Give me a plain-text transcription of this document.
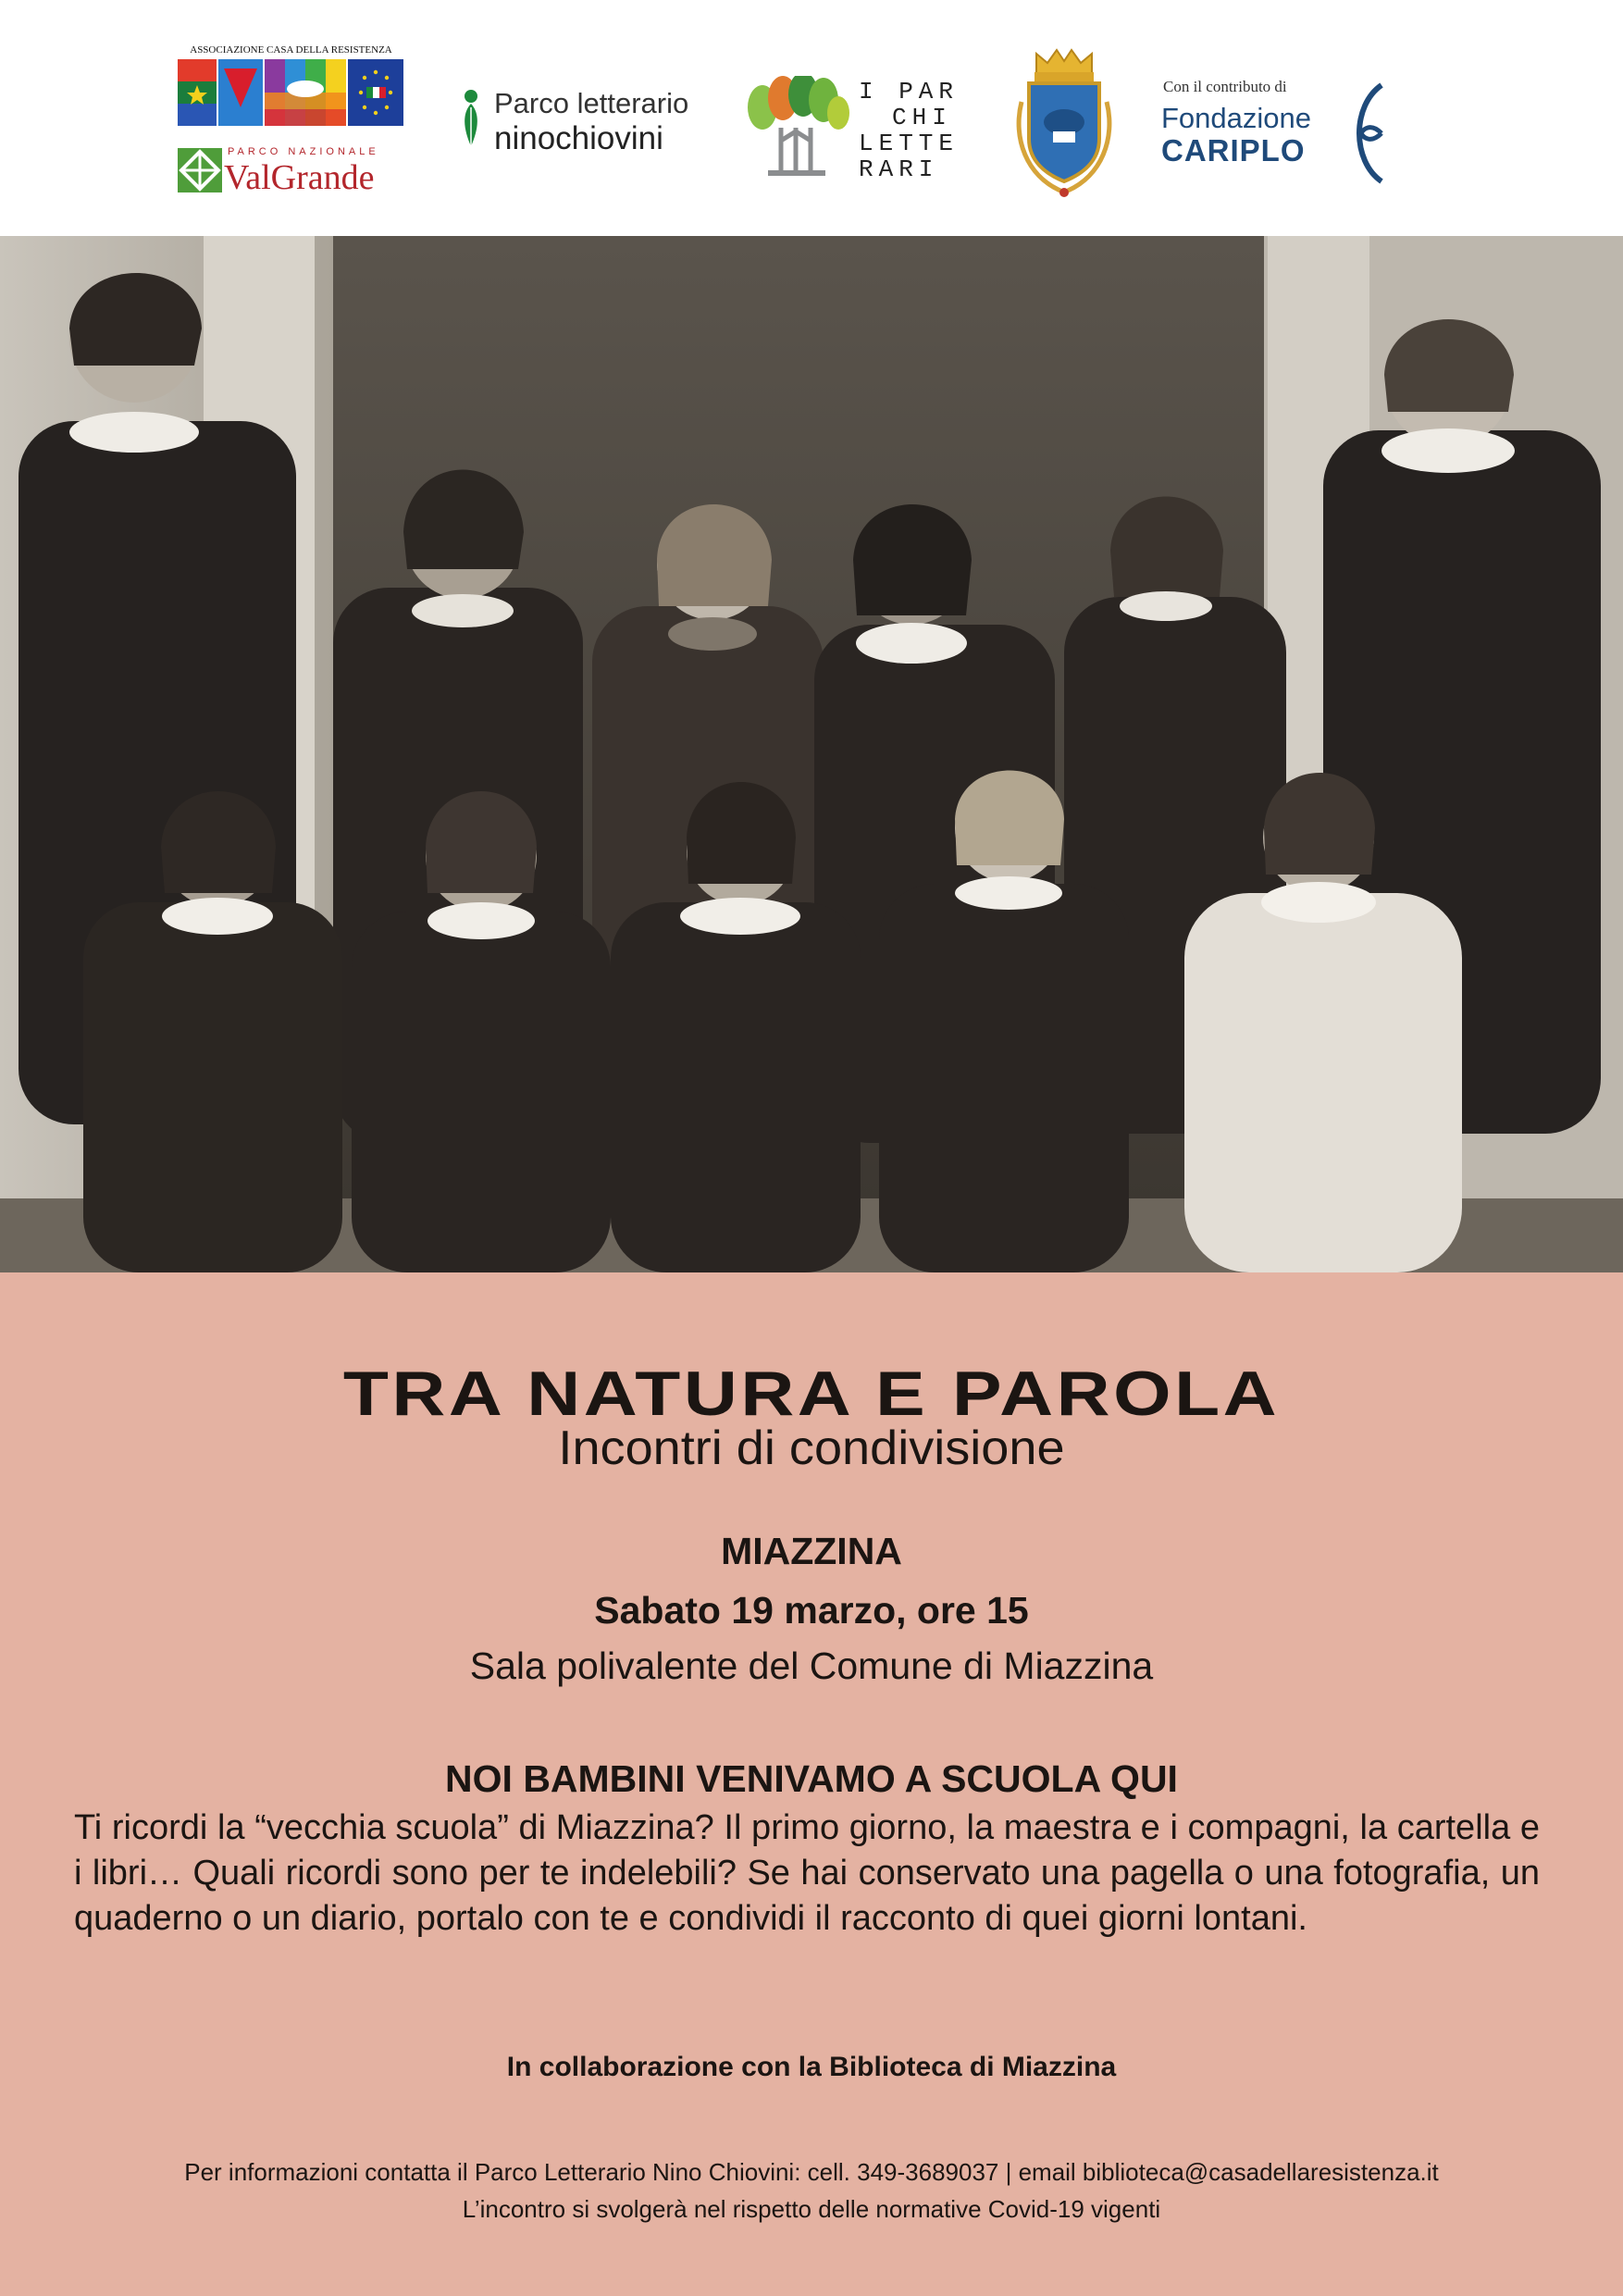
ASSOCIAZIONE CASA DELLA RESISTENZA
PARCO NAZIONALE
ValGrande
Parco letterario
ninochiovini
I PAR
CHI
LETTE
RARI
Con il contributo di
Fondazione
CARIPLO
TRA NATURA E PAROLA
Incontri di condivisione
MIAZZINA
Sabato 19 marzo, ore 15
Sala polivalente del Comune di Miazzina
NOI BAMBINI VENIVAMO A SCUOLA QUI
Ti ricordi la “vecchia scuola” di Miazzina? Il primo giorno, la maestra e i compagni, la cartella e i libri… Quali ricordi sono per te indelebili? Se hai conservato una pagella o una fotografia, un quaderno o un diario, portalo con te e condividi il racconto di quei giorni lontani.
In collaborazione con la Biblioteca di Miazzina
Per informazioni contatta il Parco Letterario Nino Chiovini: cell. 349-3689037 | email biblioteca@casadellaresistenza.it
L’incontro si svolgerà nel rispetto delle normative Covid-19 vigenti
